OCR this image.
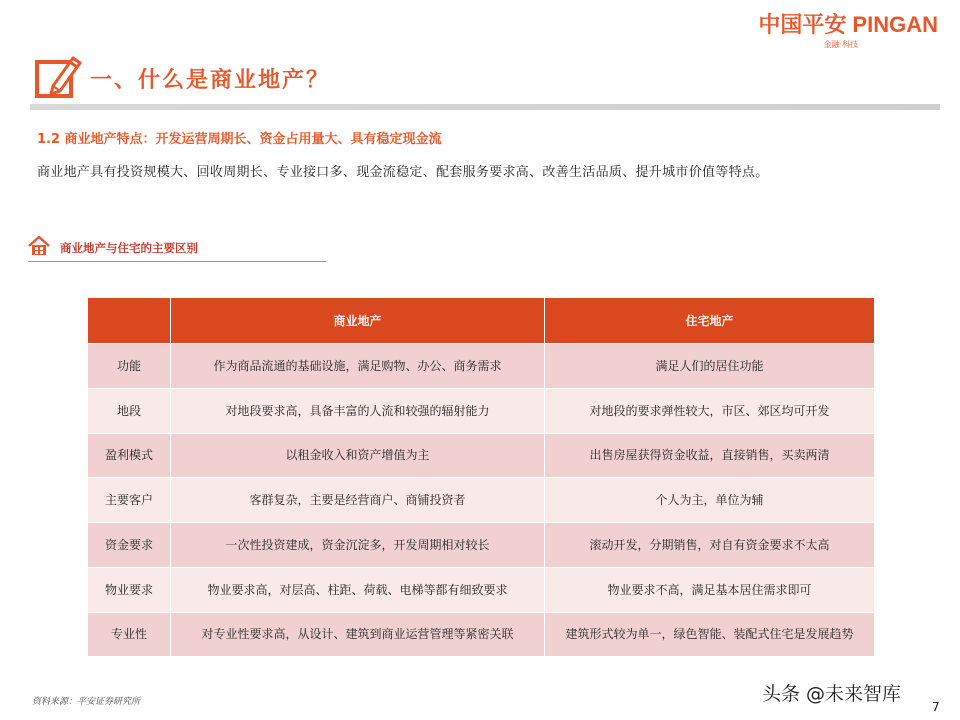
中国平安 PINGAN
金融·科技
一、什么是商业地产？
1.2 商业地产特点：开发运营周期长、资金占用量大、具有稳定现金流
商业地产具有投资规模大、回收周期长、专业接口多、现金流稳定、配套服务要求高、改善生活品质、提升城市价值等特点。
商业地产与住宅的主要区别
	商业地产	住宅地产
功能	作为商品流通的基础设施，满足购物、办公、商务需求	满足人们的居住功能
地段	对地段要求高，具备丰富的人流和较强的辐射能力	对地段的要求弹性较大，市区、郊区均可开发
盈利模式	以租金收入和资产增值为主	出售房屋获得资金收益，直接销售，买卖两清
主要客户	客群复杂，主要是经营商户、商铺投资者	个人为主，单位为辅
资金要求	一次性投资建成，资金沉淀多，开发周期相对较长	滚动开发，分期销售，对自有资金要求不太高
物业要求	物业要求高，对层高、柱距、荷载、电梯等都有细致要求	物业要求不高，满足基本居住需求即可
专业性	对专业性要求高，从设计、建筑到商业运营管理等紧密关联	建筑形式较为单一，绿色智能、装配式住宅是发展趋势
资料来源：平安证券研究所	头条 @未来智库
7
